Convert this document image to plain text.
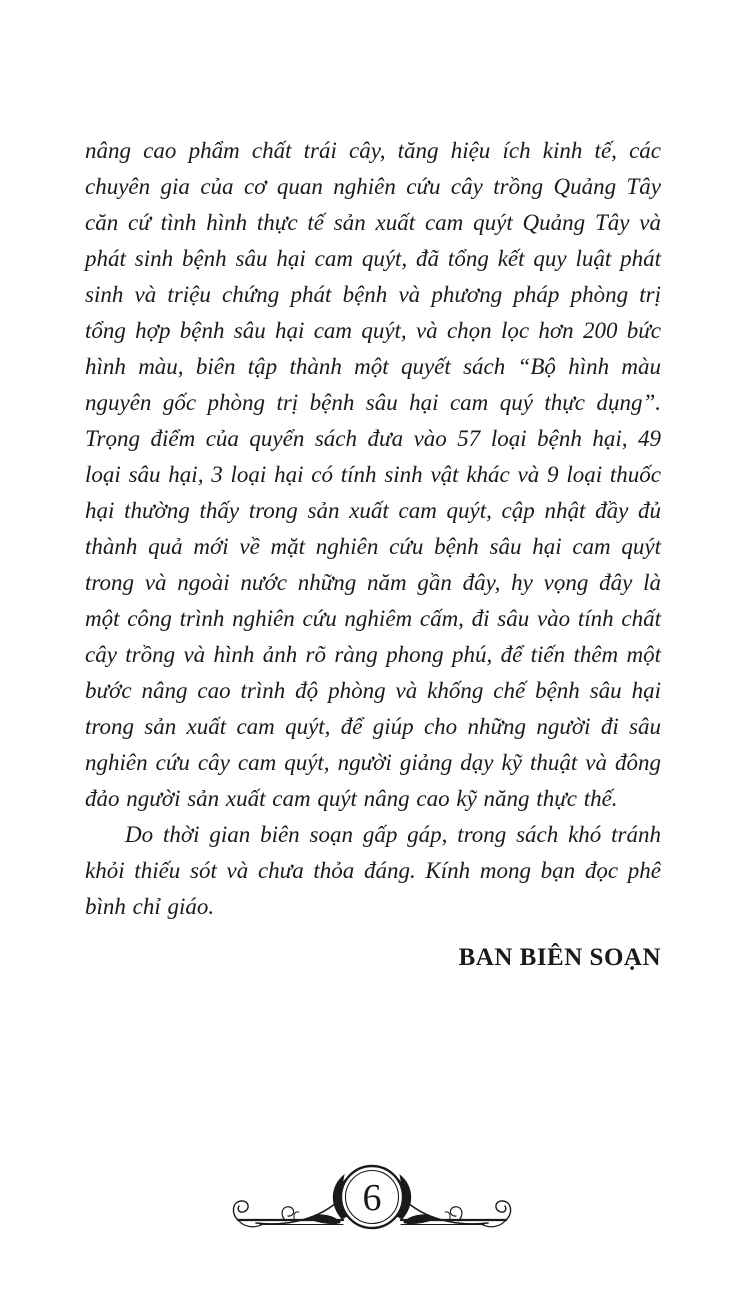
nâng cao phẩm chất trái cây, tăng hiệu ích kinh tế, các
chuyên gia của cơ quan nghiên cứu cây trồng Quảng Tây
căn cứ tình hình thực tế sản xuất cam quýt Quảng Tây và
phát sinh bệnh sâu hại cam quýt, đã tổng kết quy luật phát
sinh và triệu chứng phát bệnh và phương pháp phòng trị
tổng hợp bệnh sâu hại cam quýt, và chọn lọc hơn 200 bức
hình màu, biên tập thành một quyết sách “Bộ hình màu
nguyên gốc phòng trị bệnh sâu hại cam quý thực dụng”.
Trọng điểm của quyển sách đưa vào 57 loại bệnh hại, 49
loại sâu hại, 3 loại hại có tính sinh vật khác và 9 loại thuốc
hại thường thấy trong sản xuất cam quýt, cập nhật đầy đủ
thành quả mới về mặt nghiên cứu bệnh sâu hại cam quýt
trong và ngoài nước những năm gần đây, hy vọng đây là
một công trình nghiên cứu nghiêm cấm, đi sâu vào tính chất
cây trồng và hình ảnh rõ ràng phong phú, để tiến thêm một
bước nâng cao trình độ phòng và khống chế bệnh sâu hại
trong sản xuất cam quýt, để giúp cho những người đi sâu
nghiên cứu cây cam quýt, người giảng dạy kỹ thuật và đông
đảo người sản xuất cam quýt nâng cao kỹ năng thực thế.
Do thời gian biên soạn gấp gáp, trong sách khó tránh
khỏi thiếu sót và chưa thỏa đáng. Kính mong bạn đọc phê
bình chỉ giáo.
BAN BIÊN SOẠN
6
